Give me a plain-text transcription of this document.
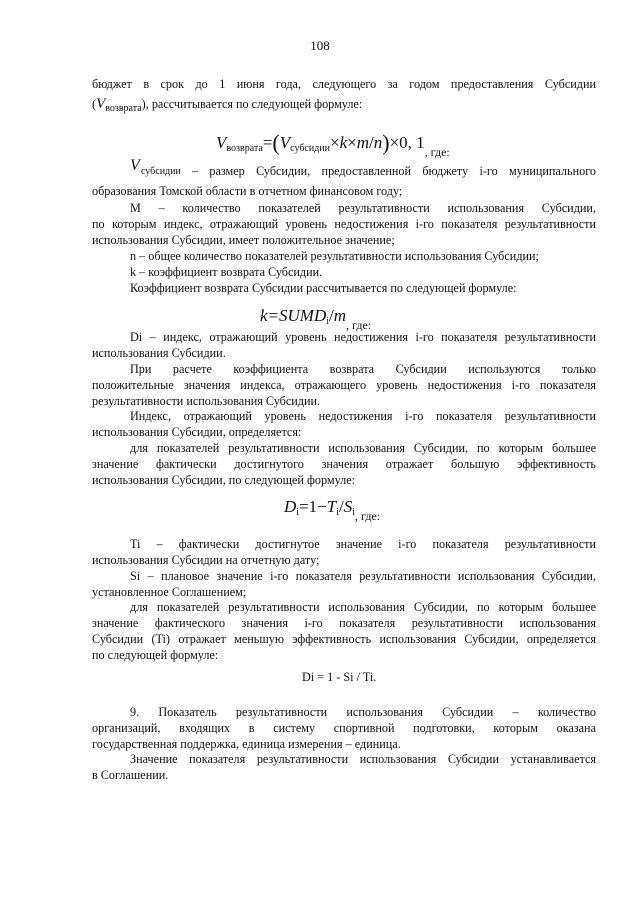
108
бюджет в срок до 1 июня года, следующего за годом предоставления Субсидии
$(V_{возврата})$, рассчитывается по следующей формуле:
$V_{возврата}=(V_{субсидии}\times k\times m/n)\times 0$, $1_{, где:}$
V субсидии – размер Субсидии, предоставленной бюджету i-го муниципального
образования Томской области в отчетном финансовом году;
M – количество показателей результативности использования Субсидии,
по которым индекс, отражающий уровень недостижения i-го показателя результативности
использования Субсидии, имеет положительное значение;
n – общее количество показателей результативности использования Субсидии;
k – коэффициент возврата Субсидии.
Коэффициент возврата Субсидии рассчитывается по следующей формуле:
$k=SUMD_i/m_{, где:}$
Di – индекс, отражающий уровень недостижения i-го показателя результативности
использования Субсидии.
При расчете коэффициента возврата Субсидии используются только
положительные значения индекса, отражающего уровень недостижения i-го показателя
результативности использования Субсидии.
Индекс, отражающий уровень недостижения i-го показателя результативности
использования Субсидии, определяется:
для показателей результативности использования Субсидии, по которым большее
значение фактически достигнутого значения отражает большую эффективность
использования Субсидии, по следующей формуле:
$D_i=1-T_i/S_{i, где:}$
Ti – фактически достигнутое значение i-го показателя результативности
использования Субсидии на отчетную дату;
Si – плановое значение i-го показателя результативности использования Субсидии,
установленное Соглашением;
для показателей результативности использования Субсидии, по которым большее
значение фактического значения i-го показателя результативности использования
Субсидии (Ti) отражает меньшую эффективность использования Субсидии, определяется
по следующей формуле:
Di = 1 - Si / Ti.
9. Показатель результативности использования Субсидии – количество
организаций, входящих в систему спортивной подготовки, которым оказана
государственная поддержка, единица измерения – единица.
Значение показателя результативности использования Субсидии устанавливается
в Соглашении.
